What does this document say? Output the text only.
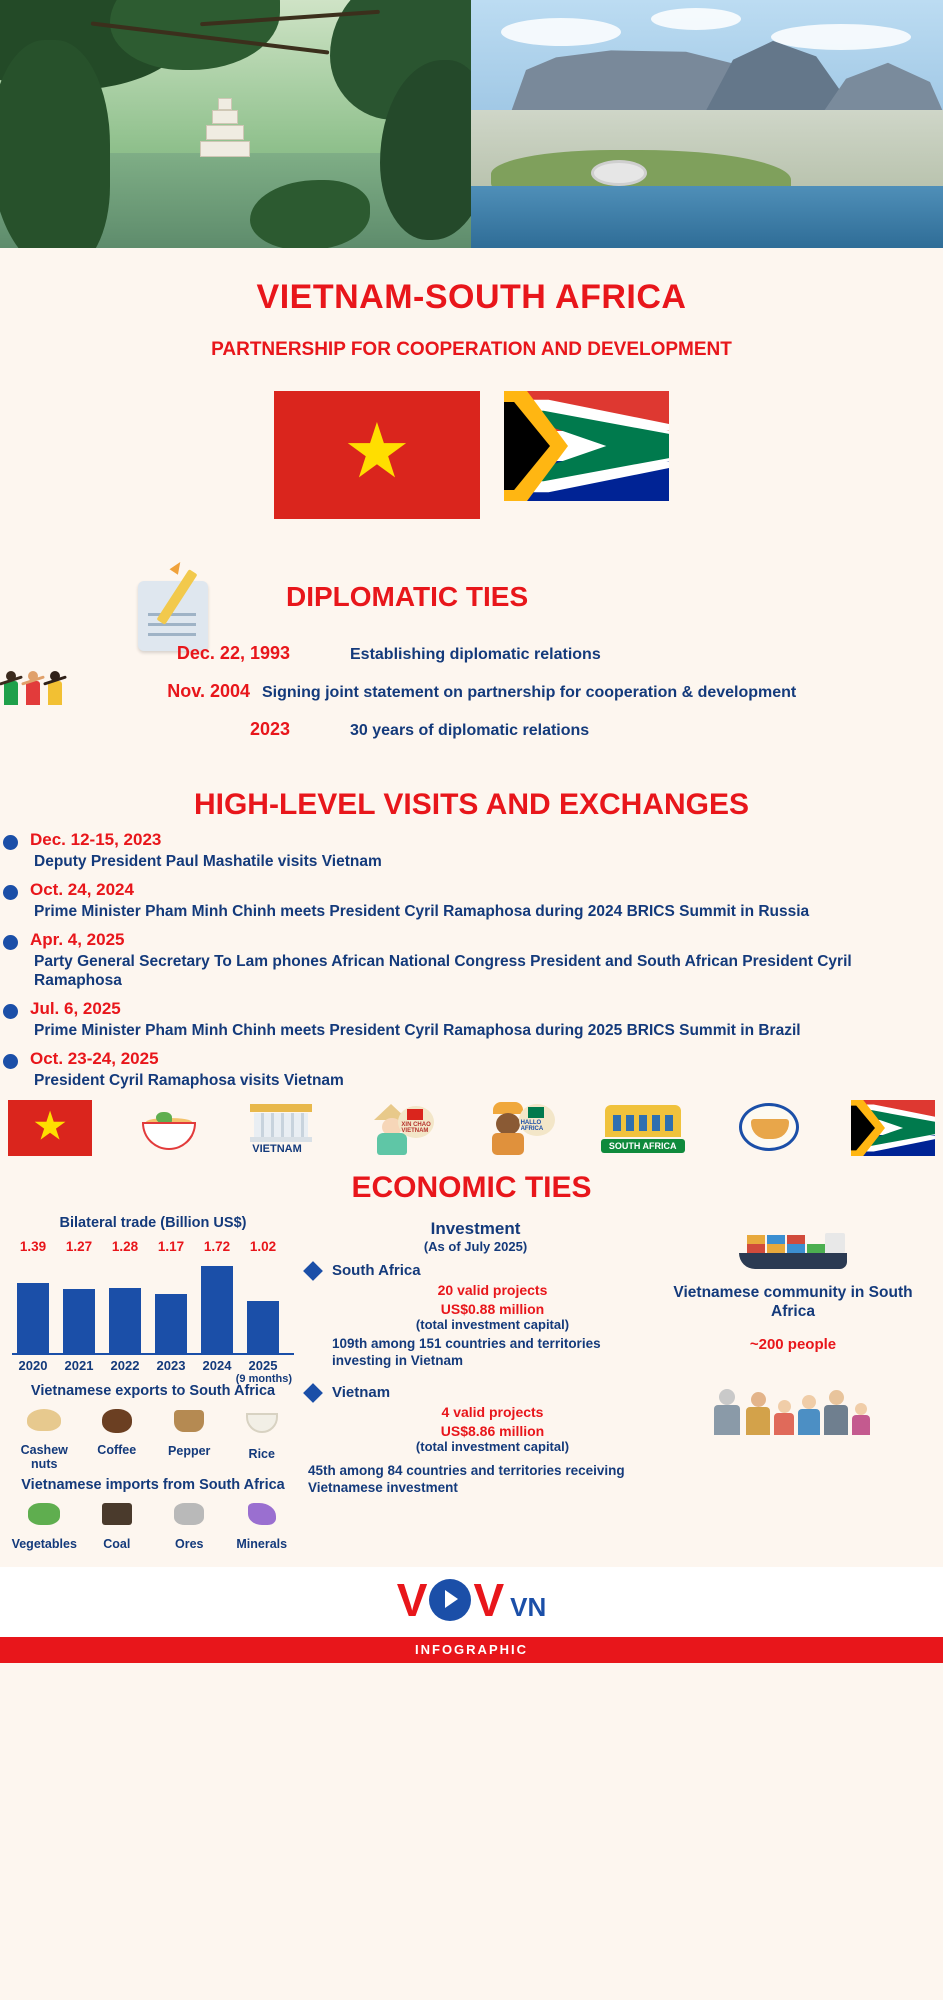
VIETNAM-SOUTH AFRICA
PARTNERSHIP FOR COOPERATION AND DEVELOPMENT
★
DIPLOMATIC TIES
Dec. 22, 1993	Establishing diplomatic relations
Nov. 2004 Signing joint statement on partnership for cooperation & development
2023	30 years of diplomatic relations
HIGH-LEVEL VISITS AND EXCHANGES
Dec. 12-15, 2023
Deputy President Paul Mashatile visits Vietnam
Oct. 24, 2024
Prime Minister Pham Minh Chinh meets President Cyril Ramaphosa during 2024 BRICS Summit in Russia
Apr. 4, 2025
Party General Secretary To Lam phones African National Congress President and South African President Cyril Ramaphosa
Jul. 6, 2025
Prime Minister Pham Minh Chinh meets President Cyril Ramaphosa during 2025 BRICS Summit in Brazil
Oct. 23-24, 2025
President Cyril Ramaphosa visits Vietnam
★
VIETNAM
XIN CHAO VIETNAM
HALLO AFRICA
SOUTH AFRICA
ECONOMIC TIES
Bilateral trade (Billion US$)
1.39 1.27 1.28 1.17 1.72 1.02
2020	2021	2022	2023	2024	2025
(9 months)
Vietnamese exports to South Africa
Cashew nuts
Coffee	Pepper	Rice
Vietnamese imports from South Africa
Vegetables	Coal	Ores	Minerals
Investment
(As of July 2025)
South Africa
20 valid projects
US$0.88 million
(total investment capital)
109th among 151 countries and territories investing in Vietnam
Vietnam
4 valid projects
US$8.86 million
(total investment capital)
45th among 84 countries and territories receiving Vietnamese investment
Vietnamese community in South Africa
~200 people
V V VN
INFOGRAPHIC
